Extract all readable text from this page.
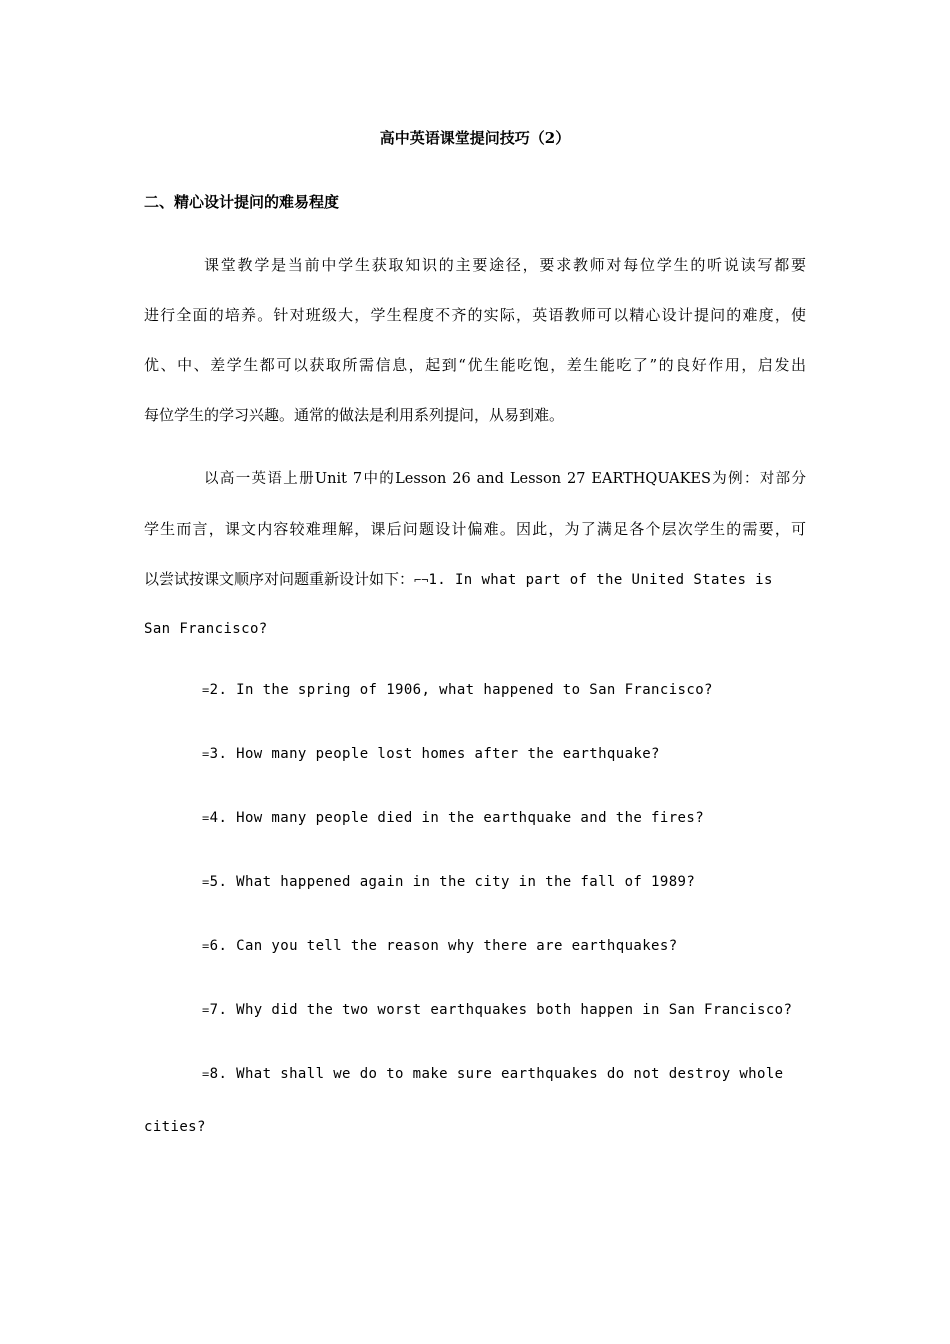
高中英语课堂提问技巧（2）
二、精心设计提问的难易程度
课堂教学是当前中学生获取知识的主要途径，要求教师对每位学生的听说读写都要
进行全面的培养。针对班级大，学生程度不齐的实际，英语教师可以精心设计提问的难度，使
优、中、差学生都可以获取所需信息，起到“优生能吃饱，差生能吃了”的良好作用，启发出
每位学生的学习兴趣。通常的做法是利用系列提问，从易到难。
以高一英语上册Unit 7中的Lesson 26 and Lesson 27 EARTHQUAKES为例：对部分
学生而言，课文内容较难理解，课后问题设计偏难。因此，为了满足各个层次学生的需要，可
以尝试按课文顺序对问题重新设计如下：⌐¬1. In what part of the United States is
San Francisco?
=2. In the spring of 1906, what happened to San Francisco?
=3. How many people lost homes after the earthquake?
=4. How many people died in the earthquake and the fires?
=5. What happened again in the city in the fall of 1989?
=6. Can you tell the reason why there are earthquakes?
=7. Why did the two worst earthquakes both happen in San Francisco?
=8. What shall we do to make sure earthquakes do not destroy whole
cities?
